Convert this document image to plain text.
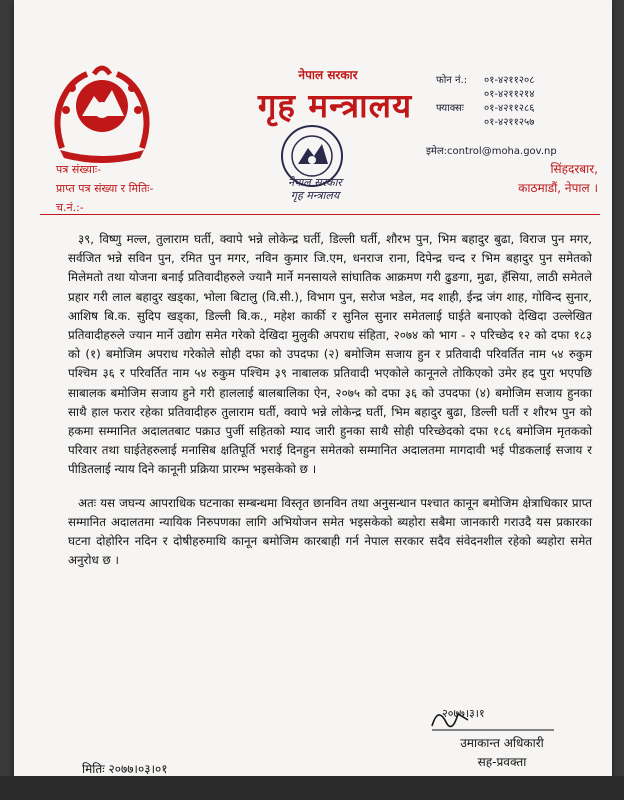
नेपाल सरकार
गृह मन्त्रालय
नेपाल सरकार
गृह मन्त्रालय
फोन नं.: ०१-४२११२०८
०१-४२११२१४
फ्याक्सः ०१-४२११२८६
०१-४२११२५७
इमेल:control@moha.gov.np
पत्र संख्याः-
प्राप्त पत्र संख्या र मितिः-
च.नं.:-
सिंहदरबार,
काठमाडौं, नेपाल ।

३९, विष्णु मल्ल, तुलाराम घर्ती, क्वापे भन्ने लोकेन्द्र घर्ती, डिल्ली घर्ती, शौरभ पुन, भिम बहादुर बुढा, विराज पुन मगर, सर्वजित भन्ने सविन पुन, रमित पुन मगर, नविन कुमार जि.एम, धनराज राना, दिपेन्द्र चन्द र भिम बहादुर पुन समेतको मिलेमतो तथा योजना बनाई प्रतिवादीहरुले ज्यानै मार्ने मनसायले सांघातिक आक्रमण गरी ढुङगा, मुढा, हँसिया, लाठी समेतले प्रहार गरी लाल बहादुर खड्का, भोला बिटालु (वि.सी.), विभाग पुन, सरोज भडेल, मद शाही, ईन्द्र जंग शाह, गोविन्द सुनार, आशिष बि.क. सुदिप खड्का, डिल्ली बि.क., महेश कार्की र सुनिल सुनार समेतलाई घाईते बनाएको देखिदा उल्लेखित प्रतिवादीहरुले ज्यान मार्ने उद्योग समेत गरेको देखिदा मुलुकी अपराध संहिता, २०७४ को भाग - २ परिच्छेद १२ को दफा १८३ को (१) बमोजिम अपराध गरेकोले सोही दफा को उपदफा (२) बमोजिम सजाय हुन र प्रतिवादी परिवर्तित नाम ५४ रुकुम पश्चिम ३६ र परिवर्तित नाम ५४ रुकुम पश्चिम ३९ नाबालक प्रतिवादी भएकोले कानूनले तोकिएको उमेर हद पुरा भएपछि साबालक बमोजिम सजाय हुने गरी हाललाई बालबालिका ऐन, २०७५ को दफा ३६ को उपदफा (४) बमोजिम सजाय हुनका साथै हाल फरार रहेका प्रतिवादीहरु तुलाराम घर्ती, क्वापे भन्ने लोकेन्द्र घर्ती, भिम बहादुर बुढा, डिल्ली घर्ती र शौरभ पुन को हकमा सम्मानित अदालतबाट पक्राउ पुर्जी सहितको म्याद जारी हुनका साथै सोही परिच्छेदको दफा १८६ बमोजिम मृतकको परिवार तथा घाईतेहरुलाई मनासिब क्षतिपूर्ति भराई दिनहुन समेतको सम्मानित अदालतमा मागदावी भई पीडकलाई सजाय र पीडितलाई न्याय दिने कानूनी प्रक्रिया प्रारम्भ भइसकेको छ ।

अतः यस जघन्य आपराधिक घटनाका सम्बन्धमा विस्तृत छानविन तथा अनुसन्धान पश्चात कानून बमोजिम क्षेत्राधिकार प्राप्त सम्मानित अदालतमा न्यायिक निरुपणका लागि अभियोजन समेत भइसकेको ब्यहोरा सबैमा जानकारी गराउदै यस प्रकारका घटना दोहोरिन नदिन र दोषीहरुमाथि कानून बमोजिम कारबाही गर्न नेपाल सरकार सदैव संवेदनशील रहेको ब्यहोरा समेत अनुरोध छ ।

२०७७।३।१
उमाकान्त अधिकारी
सह-प्रवक्ता
मितिः २०७७।०३।०१
